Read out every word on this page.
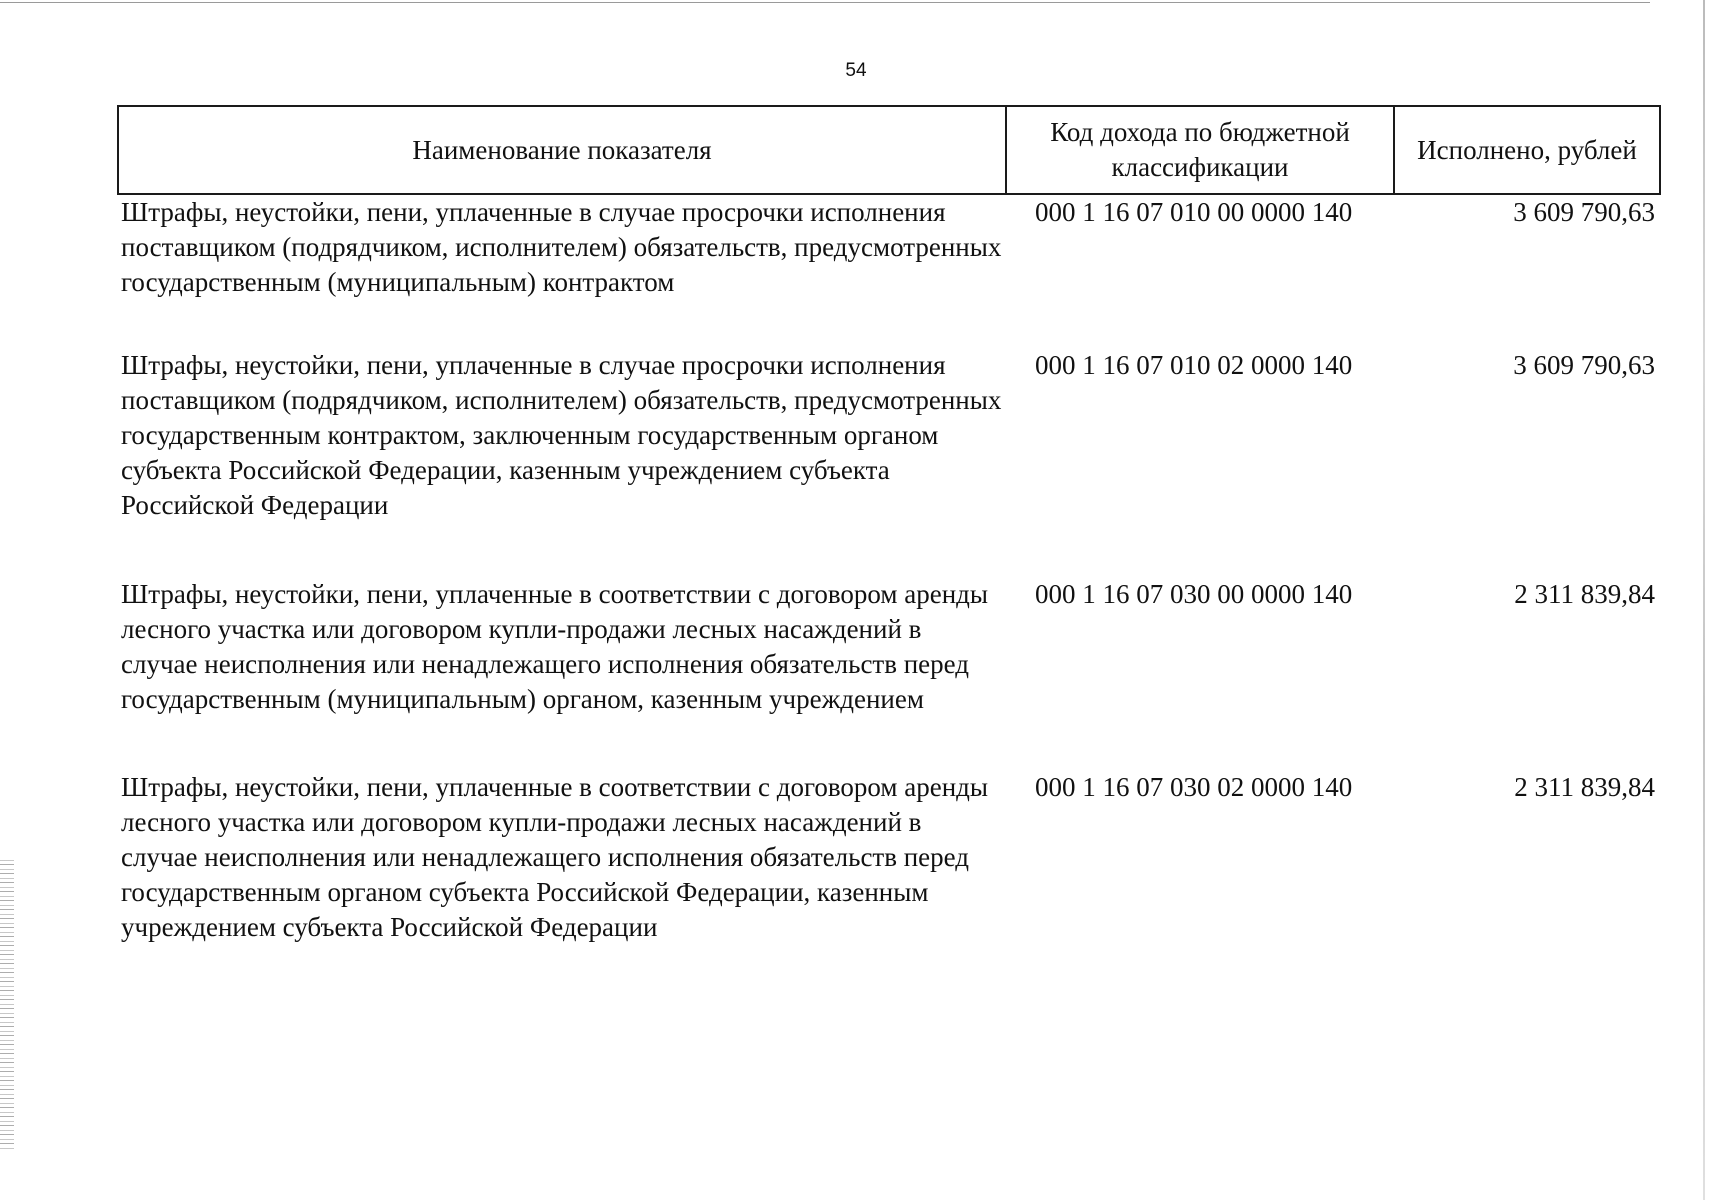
54
Наименование показателя	Код дохода по бюджетной классификации	Исполнено, рублей
Штрафы, неустойки, пени, уплаченные в случае просрочки исполнения поставщиком (подрядчиком, исполнителем) обязательств, предусмотренных государственным (муниципальным) контрактом	000 1 16 07 010 00 0000 140	3 609 790,63
Штрафы, неустойки, пени, уплаченные в случае просрочки исполнения поставщиком (подрядчиком, исполнителем) обязательств, предусмотренных государственным контрактом, заключенным государственным органом субъекта Российской Федерации, казенным учреждением субъекта Российской Федерации	000 1 16 07 010 02 0000 140	3 609 790,63
Штрафы, неустойки, пени, уплаченные в соответствии с договором аренды лесного участка или договором купли-продажи лесных насаждений в случае неисполнения или ненадлежащего исполнения обязательств перед государственным (муниципальным) органом, казенным учреждением	000 1 16 07 030 00 0000 140	2 311 839,84
Штрафы, неустойки, пени, уплаченные в соответствии с договором аренды лесного участка или договором купли-продажи лесных насаждений в случае неисполнения или ненадлежащего исполнения обязательств перед государственным органом субъекта Российской Федерации, казенным учреждением субъекта Российской Федерации	000 1 16 07 030 02 0000 140	2 311 839,84
